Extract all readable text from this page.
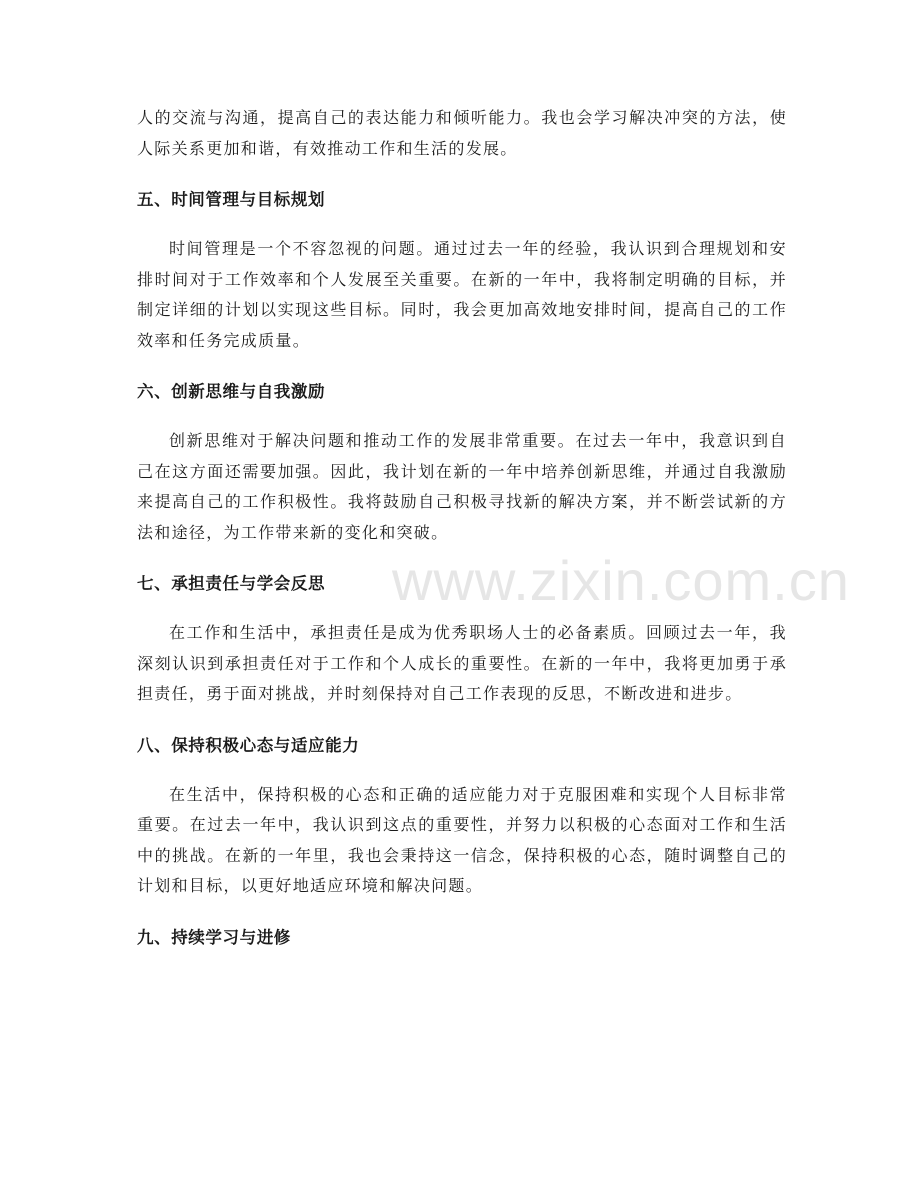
www.zixin.com.cn

人的交流与沟通，提高自己的表达能力和倾听能力。我也会学习解决冲突的方法，使人际关系更加和谐，有效推动工作和生活的发展。

五、时间管理与目标规划

时间管理是一个不容忽视的问题。通过过去一年的经验，我认识到合理规划和安排时间对于工作效率和个人发展至关重要。在新的一年中，我将制定明确的目标，并制定详细的计划以实现这些目标。同时，我会更加高效地安排时间，提高自己的工作效率和任务完成质量。

六、创新思维与自我激励

创新思维对于解决问题和推动工作的发展非常重要。在过去一年中，我意识到自己在这方面还需要加强。因此，我计划在新的一年中培养创新思维，并通过自我激励来提高自己的工作积极性。我将鼓励自己积极寻找新的解决方案，并不断尝试新的方法和途径，为工作带来新的变化和突破。

七、承担责任与学会反思

在工作和生活中，承担责任是成为优秀职场人士的必备素质。回顾过去一年，我深刻认识到承担责任对于工作和个人成长的重要性。在新的一年中，我将更加勇于承担责任，勇于面对挑战，并时刻保持对自己工作表现的反思，不断改进和进步。

八、保持积极心态与适应能力

在生活中，保持积极的心态和正确的适应能力对于克服困难和实现个人目标非常重要。在过去一年中，我认识到这点的重要性，并努力以积极的心态面对工作和生活中的挑战。在新的一年里，我也会秉持这一信念，保持积极的心态，随时调整自己的计划和目标，以更好地适应环境和解决问题。

九、持续学习与进修
